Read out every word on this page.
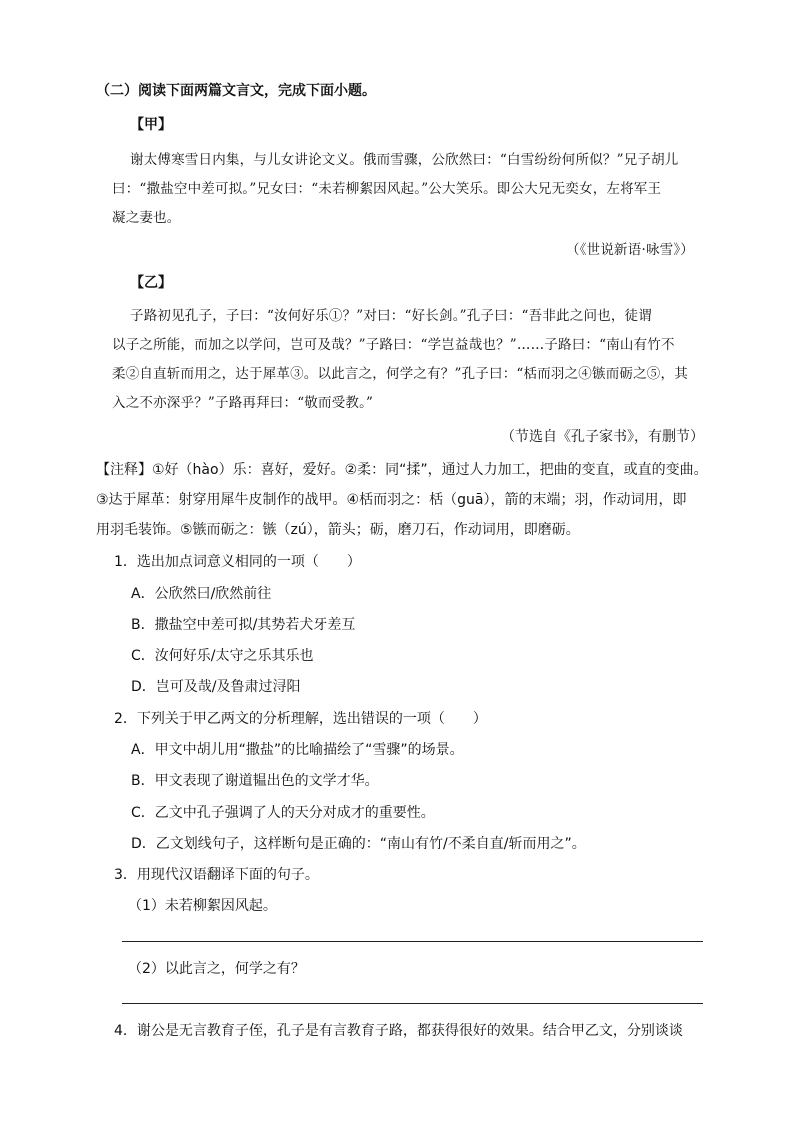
（二）阅读下面两篇文言文，完成下面小题。
【甲】
谢太傅寒雪日内集，与儿女讲论文义。俄而雪骤，公欣然曰：“白雪纷纷何所似？”兄子胡儿
曰：“撒盐空中差可拟。”兄女曰：“未若柳絮因风起。”公大笑乐。即公大兄无奕女，左将军王
凝之妻也。
（《世说新语·咏雪》）
【乙】
子路初见孔子，子曰：“汝何好乐①？”对曰：“好长剑。”孔子曰：“吾非此之问也，徒谓
以子之所能，而加之以学问，岂可及哉？”子路曰：“学岂益哉也？”……子路曰：“南山有竹不
柔②自直斩而用之，达于犀革③。以此言之，何学之有？”孔子曰：“栝而羽之④镞而砺之⑤，其
入之不亦深乎？”子路再拜曰：“敬而受教。”
（节选自《孔子家书》，有删节）
【注释】①好（hào）乐：喜好，爱好。②柔：同“揉”，通过人力加工，把曲的变直，或直的变曲。
③达于犀革：射穿用犀牛皮制作的战甲。④栝而羽之：栝（guā），箭的末端；羽，作动词用，即
用羽毛装饰。⑤镞而砺之：镞（zú），箭头；砺，磨刀石，作动词用，即磨砺。
1．选出加点词意义相同的一项（　　）
A．公欣然曰/欣然前往
B．撒盐空中差可拟/其势若犬牙差互
C．汝何好乐/太守之乐其乐也
D．岂可及哉/及鲁肃过浔阳
2．下列关于甲乙两文的分析理解，选出错误的一项（　　）
A．甲文中胡儿用“撒盐”的比喻描绘了“雪骤”的场景。
B．甲文表现了谢道韫出色的文学才华。
C．乙文中孔子强调了人的天分对成才的重要性。
D．乙文划线句子，这样断句是正确的：“南山有竹/不柔自直/斩而用之”。
3．用现代汉语翻译下面的句子。
（1）未若柳絮因风起。
（2）以此言之，何学之有？
4．谢公是无言教育子侄，孔子是有言教育子路，都获得很好的效果。结合甲乙文，分别谈谈
